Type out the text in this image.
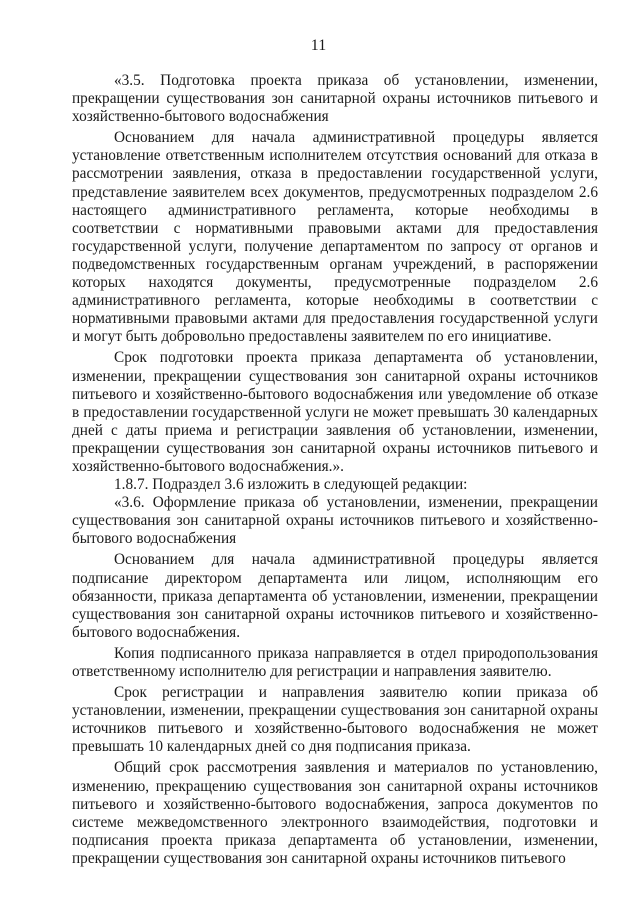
11

«3.5. Подготовка проекта приказа об установлении, изменении, прекращении существования зон санитарной охраны источников питьевого и хозяйственно-бытового водоснабжения

Основанием для начала административной процедуры является установление ответственным исполнителем отсутствия оснований для отказа в рассмотрении заявления, отказа в предоставлении государственной услуги, представление заявителем всех документов, предусмотренных подразделом 2.6 настоящего административного регламента, которые необходимы в соответствии с нормативными правовыми актами для предоставления государственной услуги, получение департаментом по запросу от органов и подведомственных государственным органам учреждений, в распоряжении которых находятся документы, предусмотренные подразделом 2.6 административного регламента, которые необходимы в соответствии с нормативными правовыми актами для предоставления государственной услуги и могут быть добровольно предоставлены заявителем по его инициативе.

Срок подготовки проекта приказа департамента об установлении, изменении, прекращении существования зон санитарной охраны источников питьевого и хозяйственно-бытового водоснабжения или уведомление об отказе в предоставлении государственной услуги не может превышать 30 календарных дней с даты приема и регистрации заявления об установлении, изменении, прекращении существования зон санитарной охраны источников питьевого и хозяйственно-бытового водоснабжения.».

1.8.7. Подраздел 3.6 изложить в следующей редакции:

«3.6. Оформление приказа об установлении, изменении, прекращении существования зон санитарной охраны источников питьевого и хозяйственно-бытового водоснабжения

Основанием для начала административной процедуры является подписание директором департамента или лицом, исполняющим его обязанности, приказа департамента об установлении, изменении, прекращении существования зон санитарной охраны источников питьевого и хозяйственно-бытового водоснабжения.

Копия подписанного приказа направляется в отдел природопользования ответственному исполнителю для регистрации и направления заявителю.

Срок регистрации и направления заявителю копии приказа об установлении, изменении, прекращении существования зон санитарной охраны источников питьевого и хозяйственно-бытового водоснабжения не может превышать 10 календарных дней со дня подписания приказа.

Общий срок рассмотрения заявления и материалов по установлению, изменению, прекращению существования зон санитарной охраны источников питьевого и хозяйственно-бытового водоснабжения, запроса документов по системе межведомственного электронного взаимодействия, подготовки и подписания проекта приказа департамента об установлении, изменении, прекращении существования зон санитарной охраны источников питьевого
